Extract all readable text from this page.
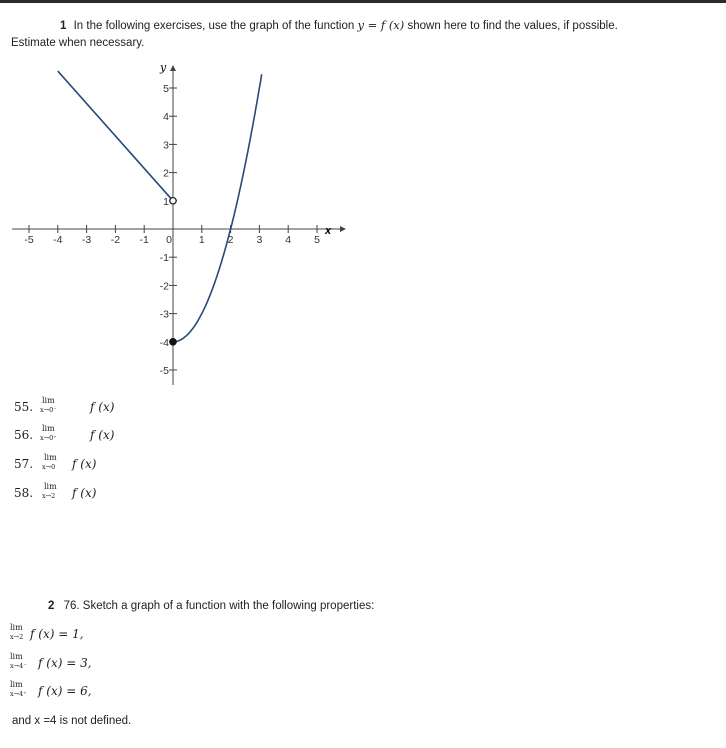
1 In the following exercises, use the graph of the function y = f (x) shown here to find the values, if possible.
Estimate when necessary.
-5 -4 -3 -2 -1 0	1 2 3 4 5
5
4
3
2
1
-1
-2
-3
-4
-5
y
x
55. lim
x→0⁻	f (x)
56. lim
x→0⁺	f (x)
57. lim
x→0 f (x)
58. lim
x→2 f (x)
2 76. Sketch a graph of a function with the following properties:
lim
x→2 f (x) = 1,
lim
x→4⁻ f (x) = 3,
lim
x→4⁺ f (x) = 6,
and x =4 is not defined.
